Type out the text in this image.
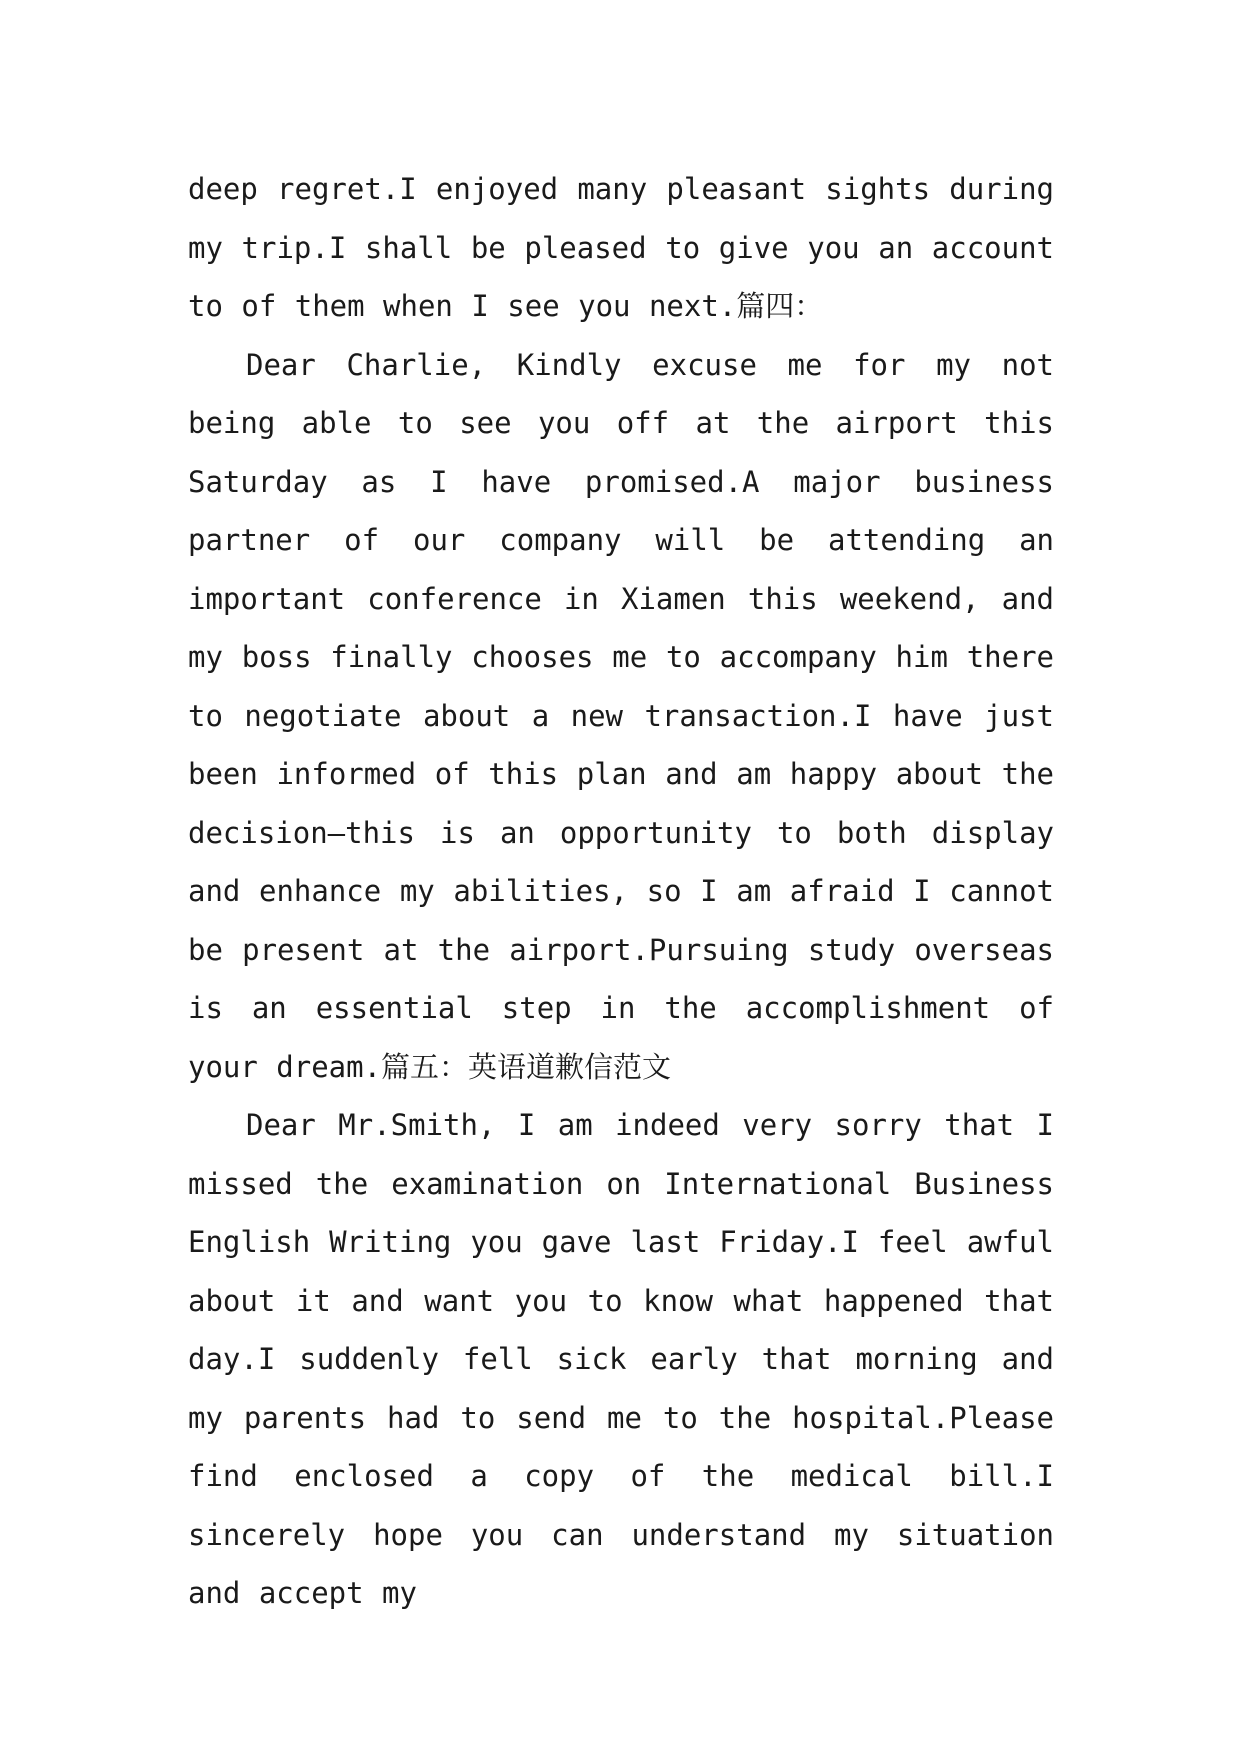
deep regret.I enjoyed many pleasant sights during my trip.I shall be pleased to give you an account to of them when I see you next.篇四：

Dear Charlie, Kindly excuse me for my not being able to see you off at the airport this Saturday as I have promised.A major business partner of our company will be attending an important conference in Xiamen this weekend, and my boss finally chooses me to accompany him there to negotiate about a new transaction.I have just been informed of this plan and am happy about the decision—this is an opportunity to both display and enhance my abilities, so I am afraid I cannot be present at the airport.Pursuing study overseas is an essential step in the accomplishment of your dream.篇五：英语道歉信范文

Dear Mr.Smith, I am indeed very sorry that I missed the examination on International Business English Writing you gave last Friday.I feel awful about it and want you to know what happened that day.I suddenly fell sick early that morning and my parents had to send me to the hospital.Please find enclosed a copy of the medical bill.I sincerely hope you can understand my situation and accept my
